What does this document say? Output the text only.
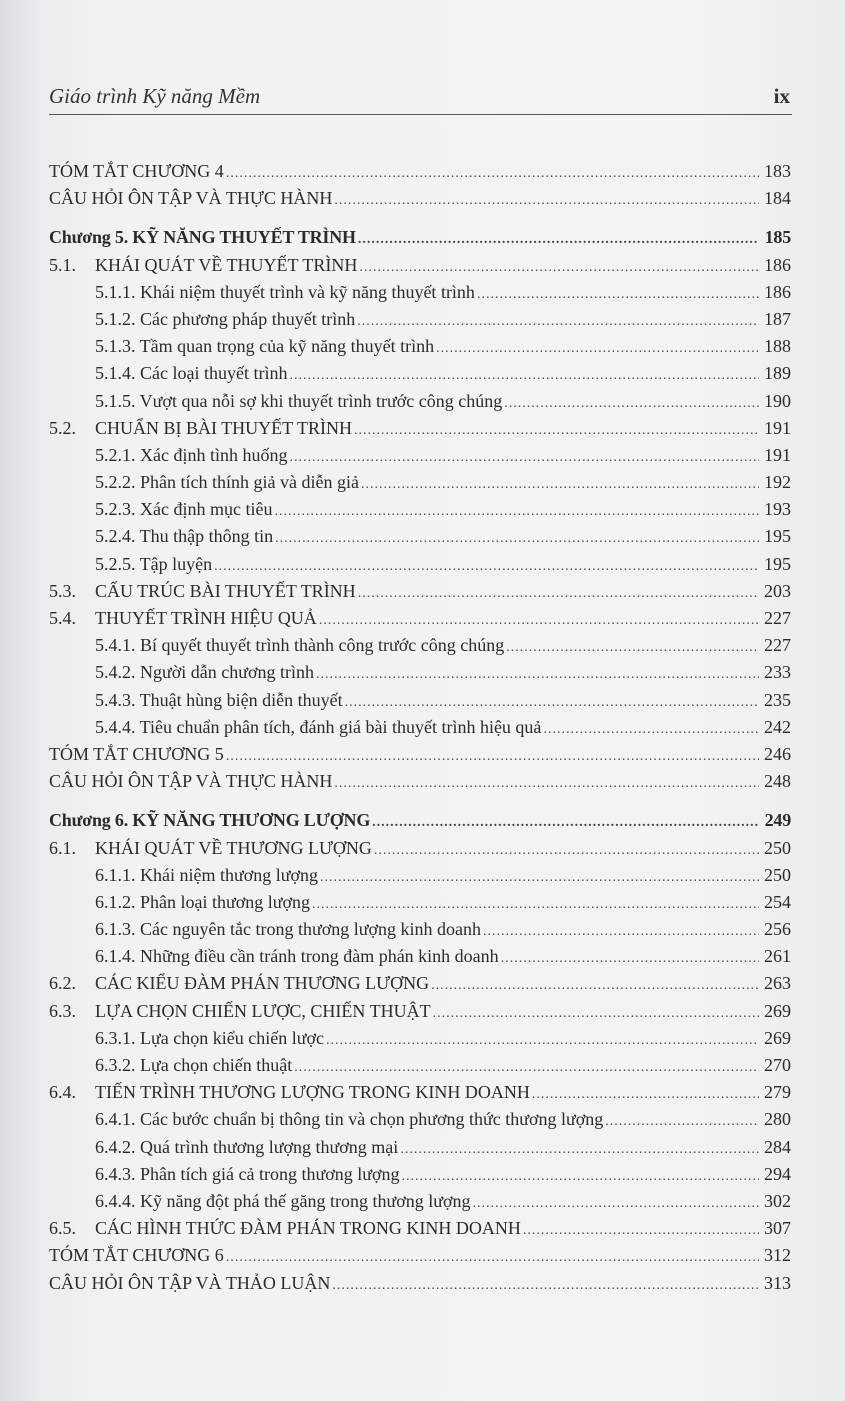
Giáo trình Kỹ năng Mềm	ix
TÓM TẮT CHƯƠNG 4 .....	183
CÂU HỎI ÔN TẬP VÀ THỰC HÀNH .....	184
Chương 5. KỸ NĂNG THUYẾT TRÌNH .....	185
5.1.	KHÁI QUÁT VỀ THUYẾT TRÌNH .....	186
5.1.1. Khái niệm thuyết trình và kỹ năng thuyết trình .....	186
5.1.2. Các phương pháp thuyết trình .....	187
5.1.3. Tầm quan trọng của kỹ năng thuyết trình .....	188
5.1.4. Các loại thuyết trình .....	189
5.1.5. Vượt qua nỗi sợ khi thuyết trình trước công chúng .....	190
5.2.	CHUẨN BỊ BÀI THUYẾT TRÌNH .....	191
5.2.1. Xác định tình huống .....	191
5.2.2. Phân tích thính giả và diễn giả .....	192
5.2.3. Xác định mục tiêu .....	193
5.2.4. Thu thập thông tin .....	195
5.2.5. Tập luyện .....	195
5.3.	CẤU TRÚC BÀI THUYẾT TRÌNH .....	203
5.4.	THUYẾT TRÌNH HIỆU QUẢ .....	227
5.4.1. Bí quyết thuyết trình thành công trước công chúng .....	227
5.4.2. Người dẫn chương trình .....	233
5.4.3. Thuật hùng biện diễn thuyết .....	235
5.4.4. Tiêu chuẩn phân tích, đánh giá bài thuyết trình hiệu quả .....	242
TÓM TẮT CHƯƠNG 5 .....	246
CÂU HỎI ÔN TẬP VÀ THỰC HÀNH .....	248
Chương 6. KỸ NĂNG THƯƠNG LƯỢNG .....	249
6.1.	KHÁI QUÁT VỀ THƯƠNG LƯỢNG .....	250
6.1.1. Khái niệm thương lượng .....	250
6.1.2. Phân loại thương lượng .....	254
6.1.3. Các nguyên tắc trong thương lượng kinh doanh .....	256
6.1.4. Những điều cần tránh trong đàm phán kinh doanh .....	261
6.2.	CÁC KIỂU ĐÀM PHÁN THƯƠNG LƯỢNG .....	263
6.3.	LỰA CHỌN CHIẾN LƯỢC, CHIẾN THUẬT .....	269
6.3.1. Lựa chọn kiểu chiến lược .....	269
6.3.2. Lựa chọn chiến thuật .....	270
6.4.	TIẾN TRÌNH THƯƠNG LƯỢNG TRONG KINH DOANH .....	279
6.4.1. Các bước chuẩn bị thông tin và chọn phương thức thương lượng .....	280
6.4.2. Quá trình thương lượng thương mại .....	284
6.4.3. Phân tích giá cả trong thương lượng .....	294
6.4.4. Kỹ năng đột phá thế găng trong thương lượng .....	302
6.5.	CÁC HÌNH THỨC ĐÀM PHÁN TRONG KINH DOANH .....	307
TÓM TẮT CHƯƠNG 6 .....	312
CÂU HỎI ÔN TẬP VÀ THẢO LUẬN .....	313
